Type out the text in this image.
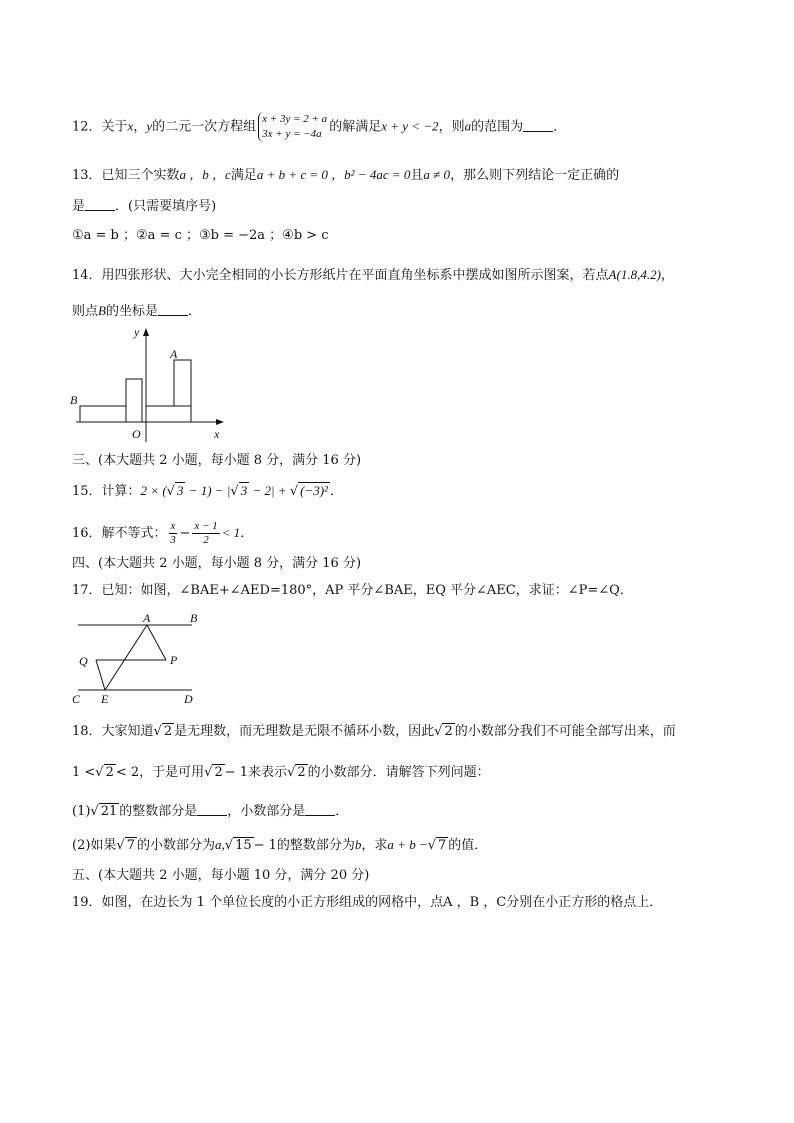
12．关于x，y的二元一次方程组
x + 3y = 2 + a
3x + y = −4a 的解满足x + y < −2，则a的范围为 ．
13．已知三个实数a ，b ，c满足a + b + c = 0 ，b² − 4ac = 0且a ≠ 0，那么则下列结论一定正确的
是 ．(只需要填序号)
①a = b ；②a = c ；③b = −2a ；④b > c
14．用四张形状、大小完全相同的小长方形纸片在平面直角坐标系中摆成如图所示图案，若点A(1.8,4.2)，
则点B的坐标是 ．
y
A
B
O	x
三、(本大题共 2 小题，每小题 8 分，满分 16 分)
15．计算：2 × (√ 3 − 1) − |√ 3 − 2| + √ (−3)² ．
16．解不等式： $\frac{x}{3} - \frac{x - 1}{2} < 1$．
四、(本大题共 2 小题，每小题 8 分，满分 16 分)
17．已知：如图，∠BAE+∠AED=180°，AP 平分∠BAE，EQ 平分∠AEC，求证：∠P=∠Q．
A	B
Q	P
C E	D
18．大家知道√ 2 是无理数，而无理数是无限不循环小数，因此√ 2 的小数部分我们不可能全部写出来，而
1 <√ 2 < 2，于是可用√ 2 − 1来表示√ 2 的小数部分．请解答下列问题：
(1)√ 21 的整数部分是 ，小数部分是 ．
(2)如果√ 7 的小数部分为a,√ 15 − 1的整数部分为b，求a + b −√ 7 的值．
五、(本大题共 2 小题，每小题 10 分，满分 20 分)
19．如图，在边长为 1 个单位长度的小正方形组成的网格中，点A ，B ，C分别在小正方形的格点上．
